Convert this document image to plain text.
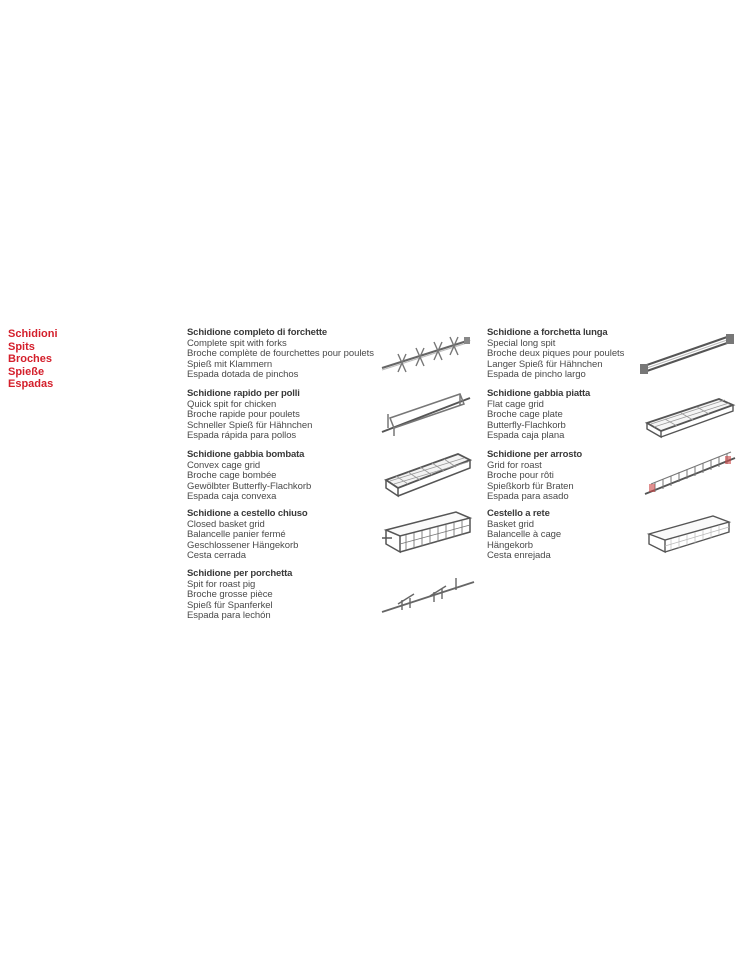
Schidioni
Spits
Broches
Spieße
Espadas
Schidione completo di forchette
Complete spit with forks
Broche complète de fourchettes pour poulets
Spieß mit Klammern
Espada dotada de pinchos
Schidione rapido per polli
Quick spit for chicken
Broche rapide pour poulets
Schneller Spieß für Hähnchen
Espada rápida para pollos
Schidione gabbia bombata
Convex cage grid
Broche cage bombée
Gewölbter Butterfly-Flachkorb
Espada caja convexa
Schidione a cestello chiuso
Closed basket grid
Balancelle panier fermé
Geschlossener Hängekorb
Cesta cerrada
Schidione per porchetta
Spit for roast pig
Broche grosse pièce
Spieß für Spanferkel
Espada para lechón
Schidione a forchetta lunga
Special long spit
Broche deux piques pour poulets
Langer Spieß für Hähnchen
Espada de pincho largo
Schidione gabbia piatta
Flat cage grid
Broche cage plate
Butterfly-Flachkorb
Espada caja plana
Schidione per arrosto
Grid for roast
Broche pour rôti
Spießkorb für Braten
Espada para asado
Cestello a rete
Basket grid
Balancelle à cage
Hängekorb
Cesta enrejada
